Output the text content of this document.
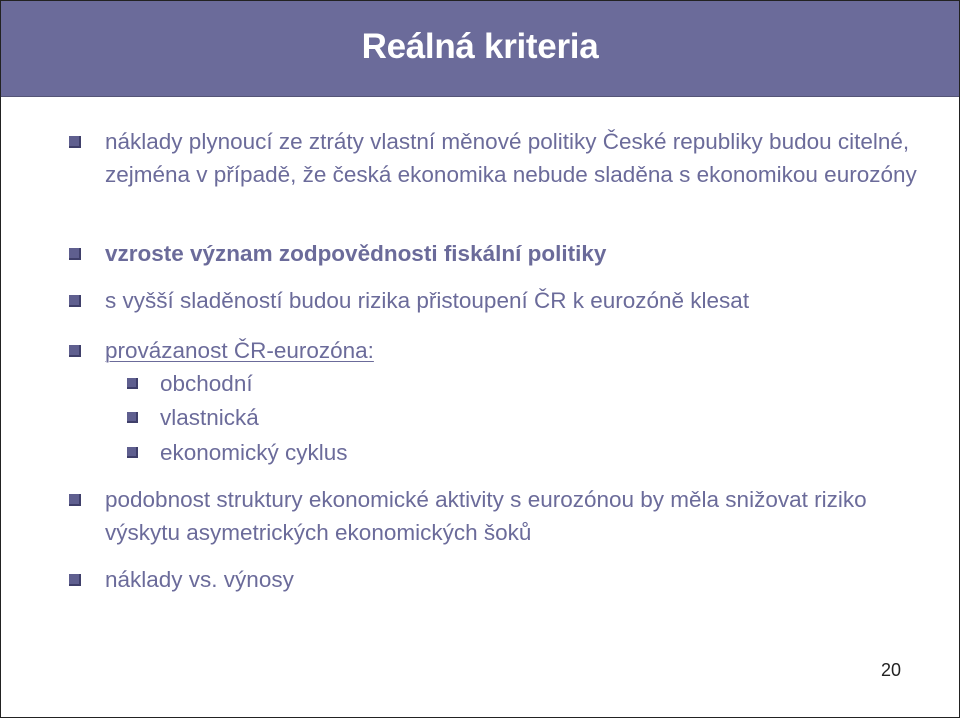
Reálná kriteria
náklady plynoucí ze ztráty vlastní měnové politiky České republiky budou citelné, zejména v případě, že česká ekonomika nebude sladěna s ekonomikou eurozóny
vzroste význam zodpovědnosti fiskální politiky
s vyšší sladěností budou rizika přistoupení ČR k eurozóně klesat
provázanost ČR-eurozóna:
obchodní
vlastnická
ekonomický cyklus
podobnost struktury ekonomické aktivity s eurozónou by měla snižovat riziko výskytu asymetrických ekonomických šoků
náklady vs. výnosy
20
